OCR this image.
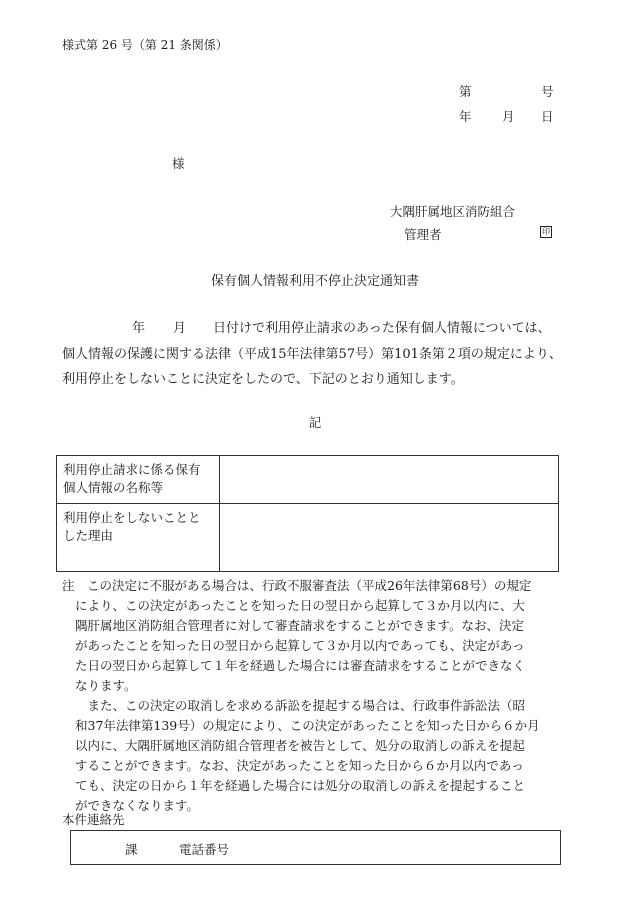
様式第 26 号（第 21 条関係）
第	号
年 月 日
様
大隅肝属地区消防組合
管理者	印
保有個人情報利用不停止決定通知書
年 月 日付けで利用停止請求のあった保有個人情報については、
個人情報の保護に関する法律（平成15年法律第57号）第101条第２項の規定により、
利用停止をしないことに決定をしたので、下記のとおり通知します。
記
利用停止請求に係る保有
個人情報の名称等	

利用停止をしないことと
した理由	

注　この決定に不服がある場合は、行政不服審査法（平成26年法律第68号）の規定
により、この決定があったことを知った日の翌日から起算して３か月以内に、大
隅肝属地区消防組合管理者に対して審査請求をすることができます。なお、決定
があったことを知った日の翌日から起算して３か月以内であっても、決定があっ
た日の翌日から起算して１年を経過した場合には審査請求をすることができなく
なります。
　また、この決定の取消しを求める訴訟を提起する場合は、行政事件訴訟法（昭
和37年法律第139号）の規定により、この決定があったことを知った日から６か月
以内に、大隅肝属地区消防組合管理者を被告として、処分の取消しの訴えを提起
することができます。なお、決定があったことを知った日から６か月以内であっ
ても、決定の日から１年を経過した場合には処分の取消しの訴えを提起すること
ができなくなります。
本件連絡先
課	電話番号
